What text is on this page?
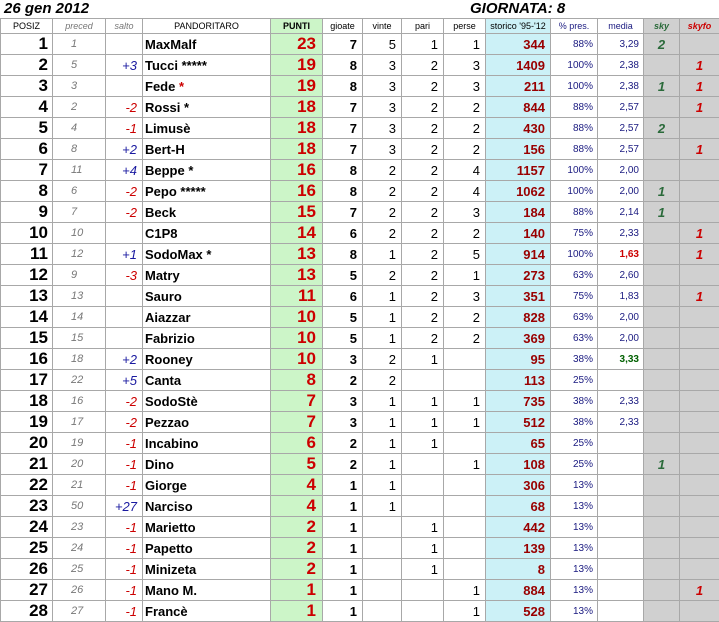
26 gen 2012	GIORNATA: 8
POSIZ	preced	salto	PANDORITARO	PUNTI	gioate	vinte	pari	perse	storico '95-'12	% pres.	media	sky	skyfo
1	1		MaxMalf	23	7	5	1	1	344	88%	3,29	2	
2	5	+3	Tucci *****	19	8	3	2	3	1409	100%	2,38		1
3	3		Fede *	19	8	3	2	3	211	100%	2,38	1	1
4	2	-2	Rossi *	18	7	3	2	2	844	88%	2,57		1
5	4	-1	Limusè	18	7	3	2	2	430	88%	2,57	2	
6	8	+2	Bert-H	18	7	3	2	2	156	88%	2,57		1
7	11	+4	Beppe *	16	8	2	2	4	1157	100%	2,00		
8	6	-2	Pepo *****	16	8	2	2	4	1062	100%	2,00	1	
9	7	-2	Beck	15	7	2	2	3	184	88%	2,14	1	
10	10		C1P8	14	6	2	2	2	140	75%	2,33		1
11	12	+1	SodoMax *	13	8	1	2	5	914	100%	1,63		1
12	9	-3	Matry	13	5	2	2	1	273	63%	2,60		
13	13		Sauro	11	6	1	2	3	351	75%	1,83		1
14	14		Aiazzar	10	5	1	2	2	828	63%	2,00		
15	15		Fabrizio	10	5	1	2	2	369	63%	2,00		
16	18	+2	Rooney	10	3	2	1		95	38%	3,33		
17	22	+5	Canta	8	2	2			113	25%			
18	16	-2	SodoStè	7	3	1	1	1	735	38%	2,33		
19	17	-2	Pezzao	7	3	1	1	1	512	38%	2,33		
20	19	-1	Incabino	6	2	1	1		65	25%			
21	20	-1	Dino	5	2	1		1	108	25%		1	
22	21	-1	Giorge	4	1	1			306	13%			
23	50	+27	Narciso	4	1	1			68	13%			
24	23	-1	Marietto	2	1		1		442	13%			
25	24	-1	Papetto	2	1		1		139	13%			
26	25	-1	Minizeta	2	1		1		8	13%			
27	26	-1	Mano M.	1	1			1	884	13%			1
28	27	-1	Francè	1	1			1	528	13%			
